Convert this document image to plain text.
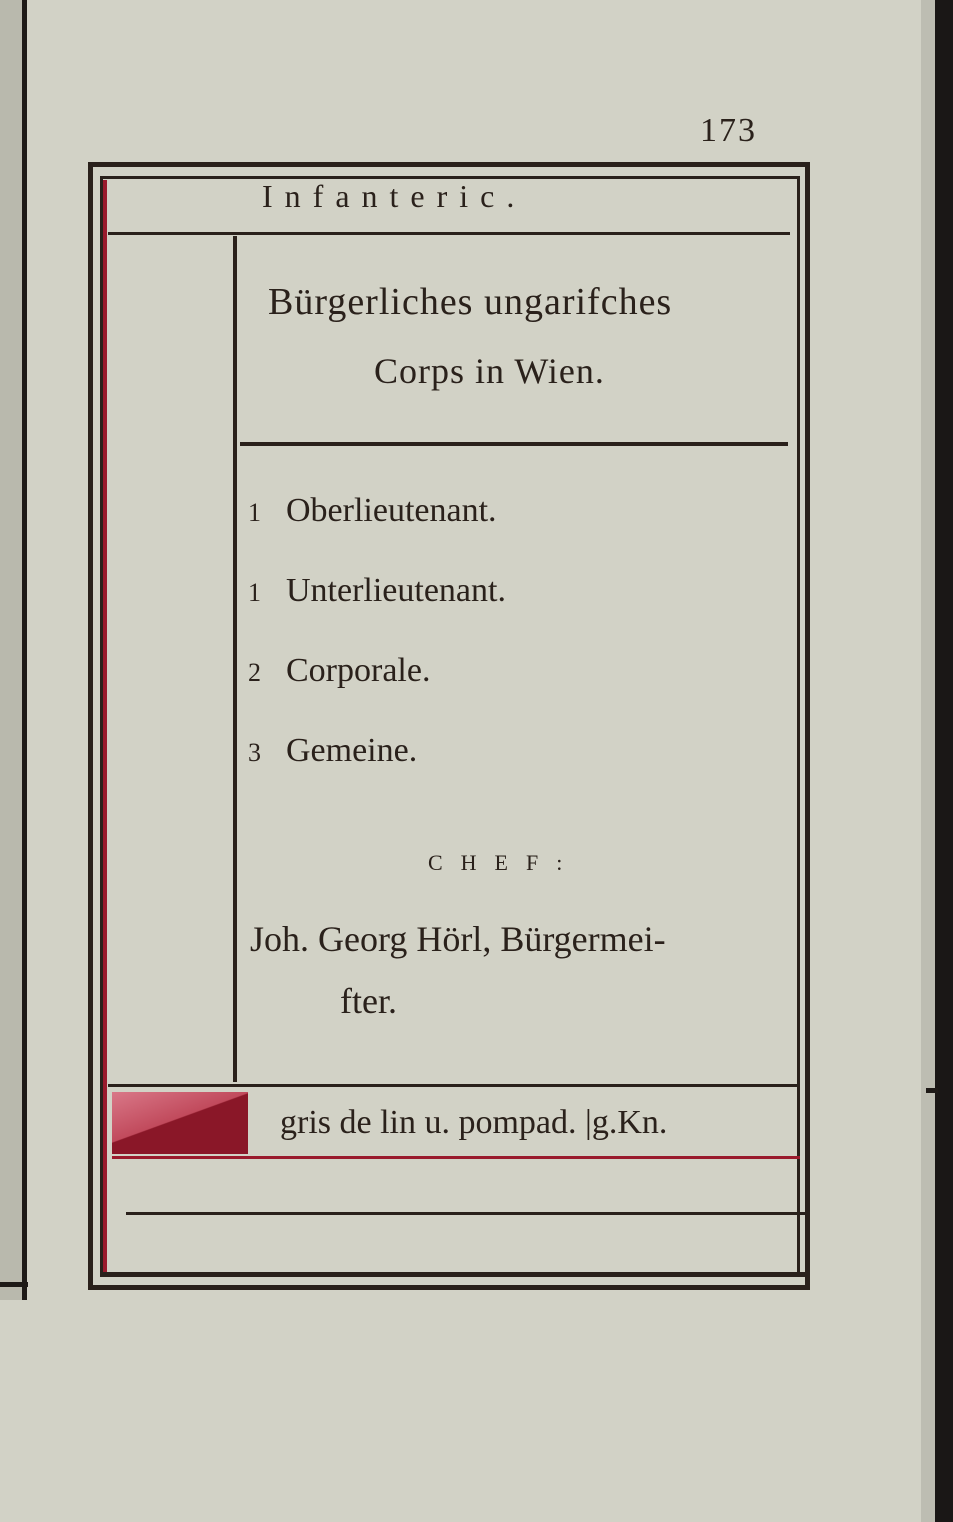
173
Infanteric.
Bürgerliches ungarifches
Corps in Wien.
1 Oberlieutenant.
1 Unterlieutenant.
2 Corporale.
3 Gemeine.
CHEF:
Joh. Georg Hörl, Bürgermei-
fter.
gris de lin u. pompad. |g.Kn.
